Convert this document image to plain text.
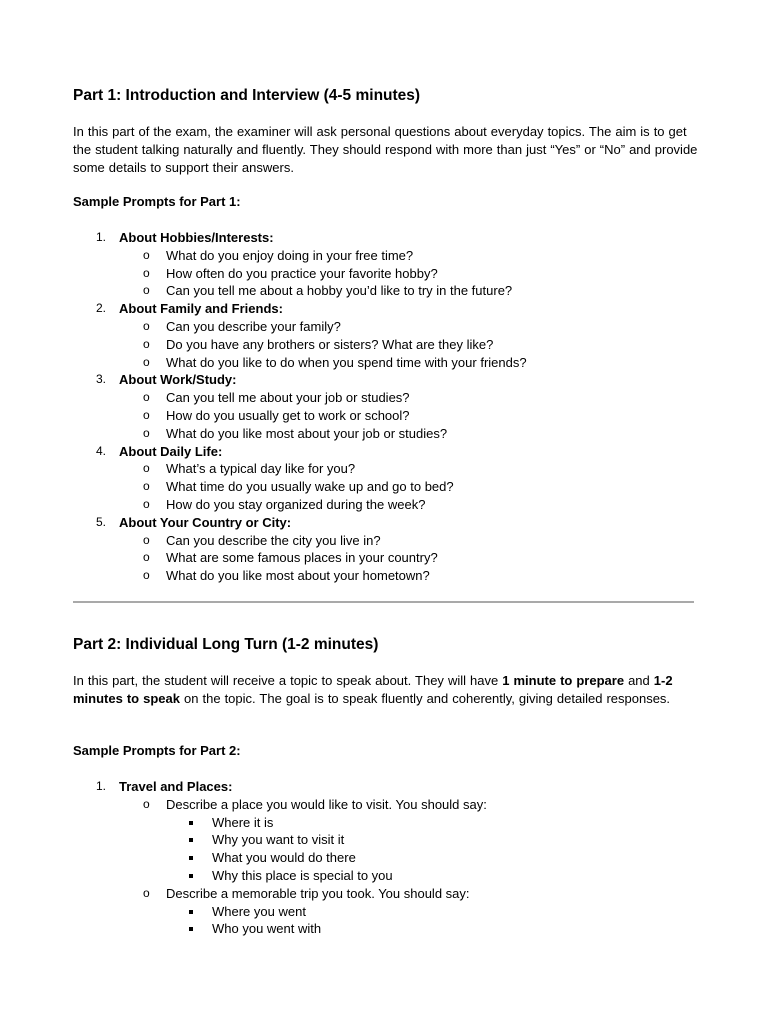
Part 1: Introduction and Interview (4-5 minutes)

In this part of the exam, the examiner will ask personal questions about everyday topics. The aim is to get the student talking naturally and fluently. They should respond with more than just “Yes” or “No” and provide some details to support their answers.

Sample Prompts for Part 1:

1. About Hobbies/Interests:
o What do you enjoy doing in your free time?
o How often do you practice your favorite hobby?
o Can you tell me about a hobby you’d like to try in the future?
2. About Family and Friends:
o Can you describe your family?
o Do you have any brothers or sisters? What are they like?
o What do you like to do when you spend time with your friends?
3. About Work/Study:
o Can you tell me about your job or studies?
o How do you usually get to work or school?
o What do you like most about your job or studies?
4. About Daily Life:
o What’s a typical day like for you?
o What time do you usually wake up and go to bed?
o How do you stay organized during the week?
5. About Your Country or City:
o Can you describe the city you live in?
o What are some famous places in your country?
o What do you like most about your hometown?
Part 2: Individual Long Turn (1-2 minutes)

In this part, the student will receive a topic to speak about. They will have 1 minute to prepare and 1-2 minutes to speak on the topic. The goal is to speak fluently and coherently, giving detailed responses.

Sample Prompts for Part 2:

1. Travel and Places:
o Describe a place you would like to visit. You should say:
Where it is
Why you want to visit it
What you would do there
Why this place is special to you
o Describe a memorable trip you took. You should say:
Where you went
Who you went with
